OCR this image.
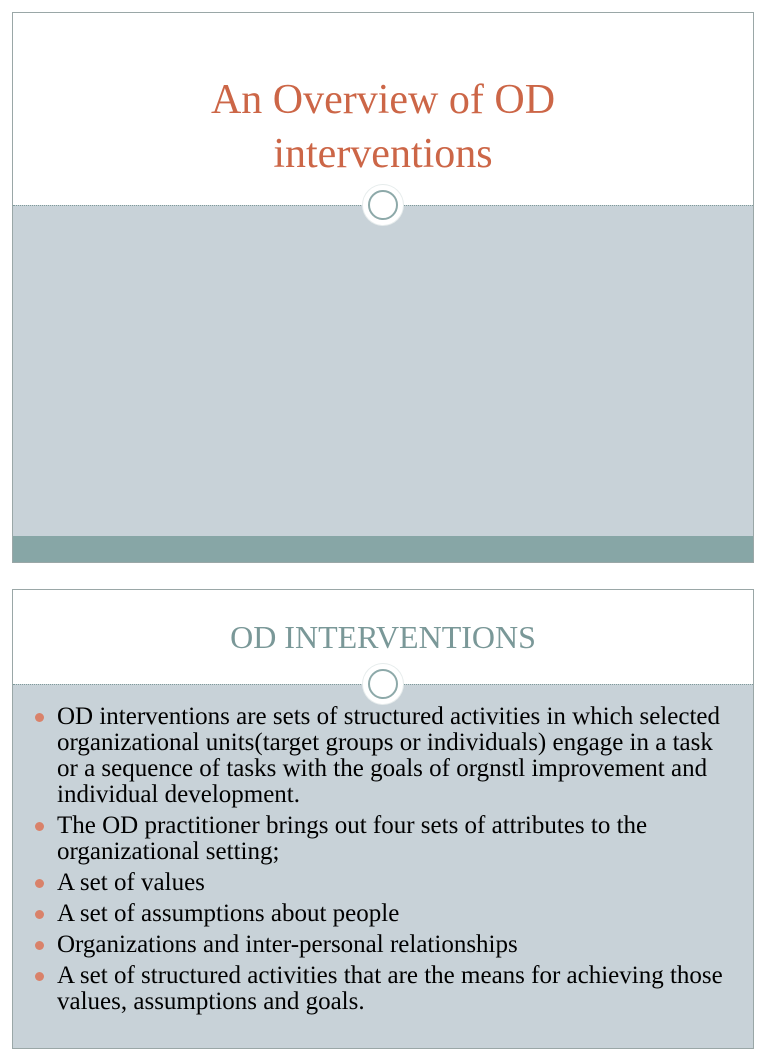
An Overview of OD
interventions
OD INTERVENTIONS
OD interventions are sets of structured activities in which selected organizational units(target groups or individuals) engage in a task or a sequence of tasks with the goals of orgnstl improvement and individual development.
The OD practitioner brings out four sets of attributes to the organizational setting;
A set of values
A set of assumptions about people
Organizations and inter-personal relationships
A set of structured activities that are the means for achieving those values, assumptions and goals.
